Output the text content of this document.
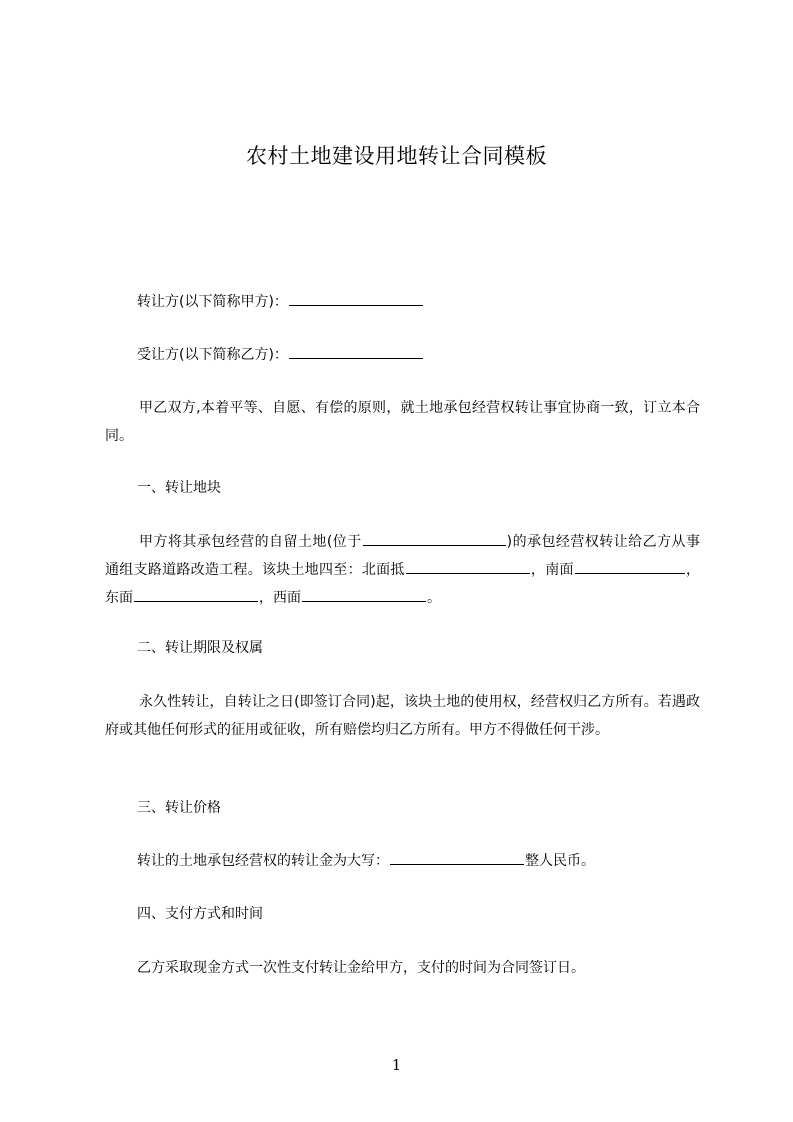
农村土地建设用地转让合同模板
转让方(以下简称甲方)：
受让方(以下简称乙方)：
甲乙双方,本着平等、自愿、有偿的原则，就土地承包经营权转让事宜协商一致，订立本合同。
一、转让地块
甲方将其承包经营的自留土地(位于	)的承包经营权转让给乙方从事通组支路道路改造工程。该块土地四至：北面抵	，南面	，东面	，西面	。
二、转让期限及权属
永久性转让，自转让之日(即签订合同)起，该块土地的使用权，经营权归乙方所有。若遇政府或其他任何形式的征用或征收，所有赔偿均归乙方所有。甲方不得做任何干涉。
三、转让价格
转让的土地承包经营权的转让金为大写：	整人民币。
四、支付方式和时间
乙方采取现金方式一次性支付转让金给甲方，支付的时间为合同签订日。
1
